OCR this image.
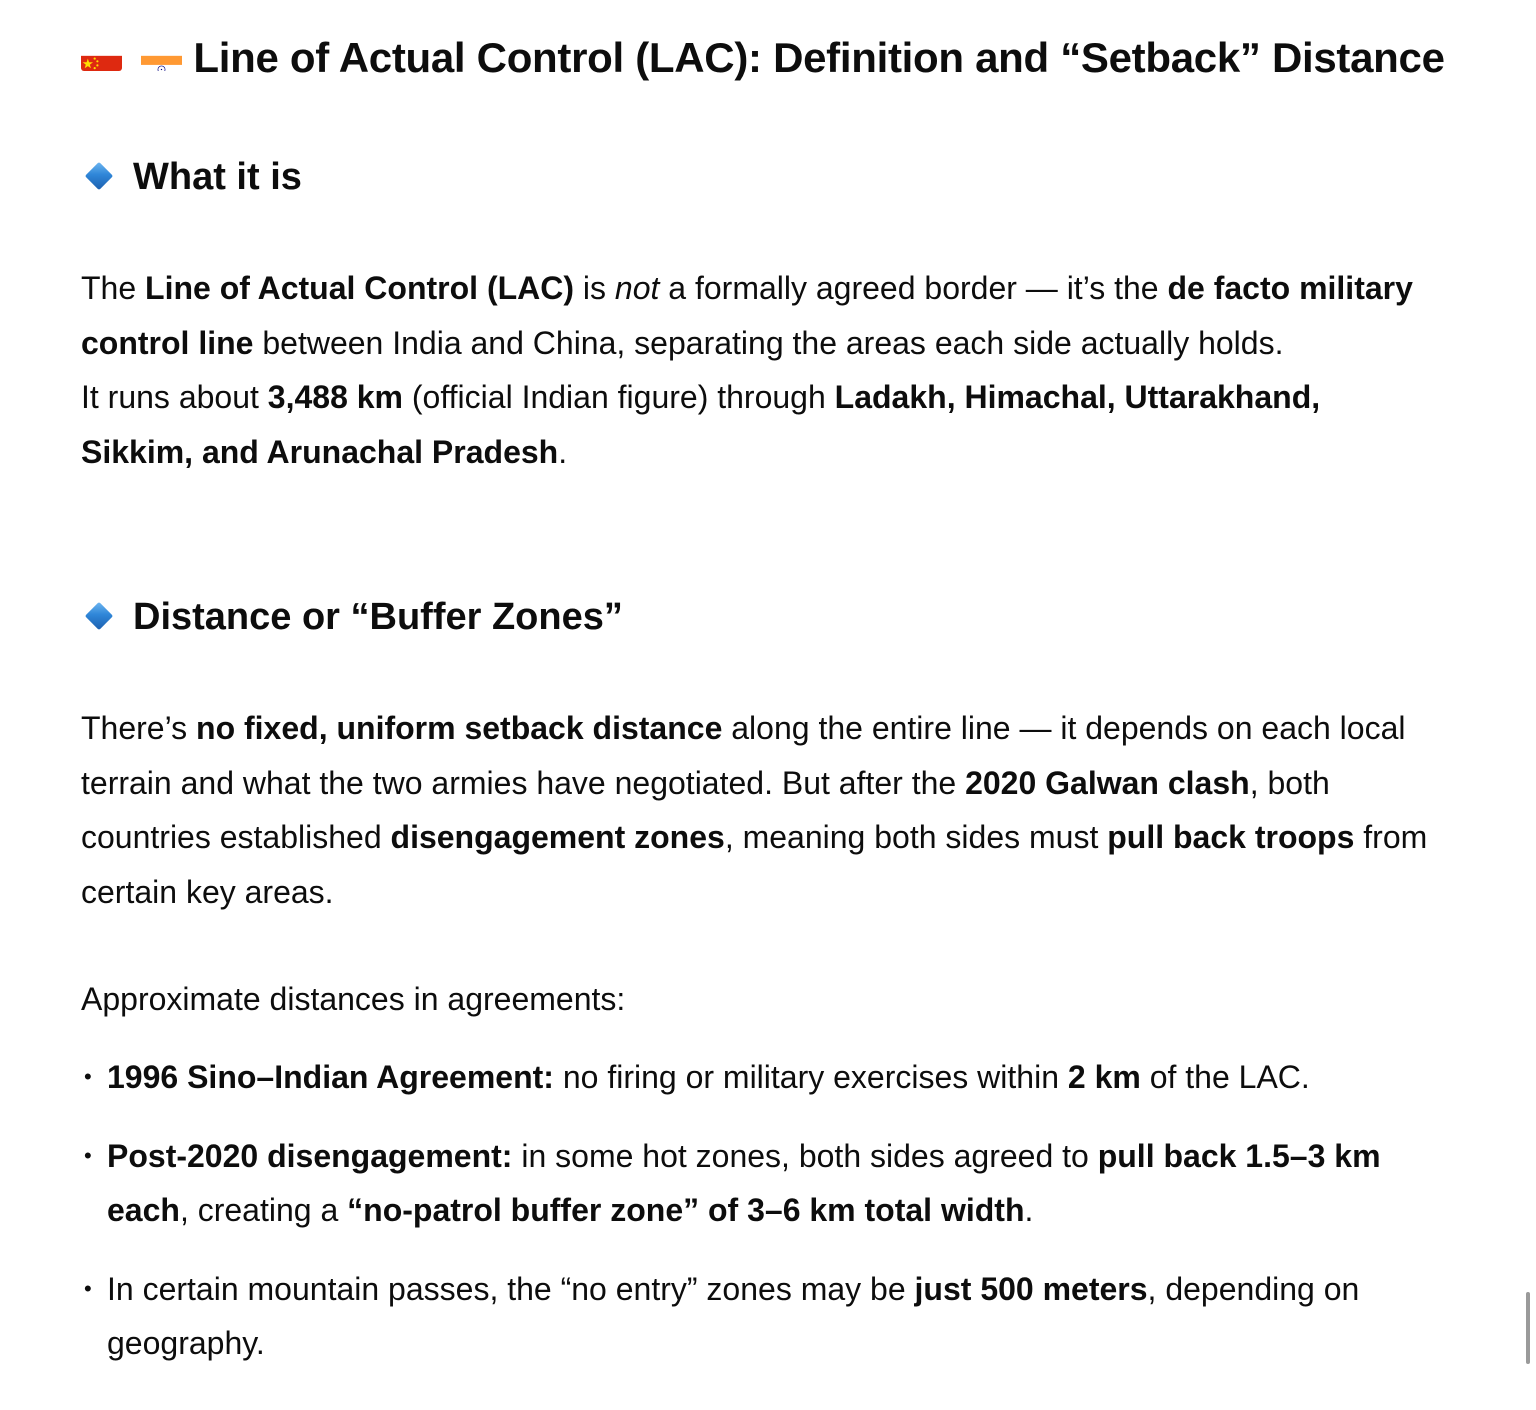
Line of Actual Control (LAC): Definition and “Setback” Distance
What it is

The Line of Actual Control (LAC) is not a formally agreed border — it’s the de facto military control line between India and China, separating the areas each side actually holds.
It runs about 3,488 km (official Indian figure) through Ladakh, Himachal, Uttarakhand, Sikkim, and Arunachal Pradesh.

Distance or “Buffer Zones”

There’s no fixed, uniform setback distance along the entire line — it depends on each local terrain and what the two armies have negotiated. But after the 2020 Galwan clash, both countries established disengagement zones, meaning both sides must pull back troops from certain key areas.

Approximate distances in agreements:

• 1996 Sino–Indian Agreement: no firing or military exercises within 2 km of the LAC.
• Post-2020 disengagement: in some hot zones, both sides agreed to pull back 1.5–3 km each, creating a “no-patrol buffer zone” of 3–6 km total width.
• In certain mountain passes, the “no entry” zones may be just 500 meters, depending on geography.
